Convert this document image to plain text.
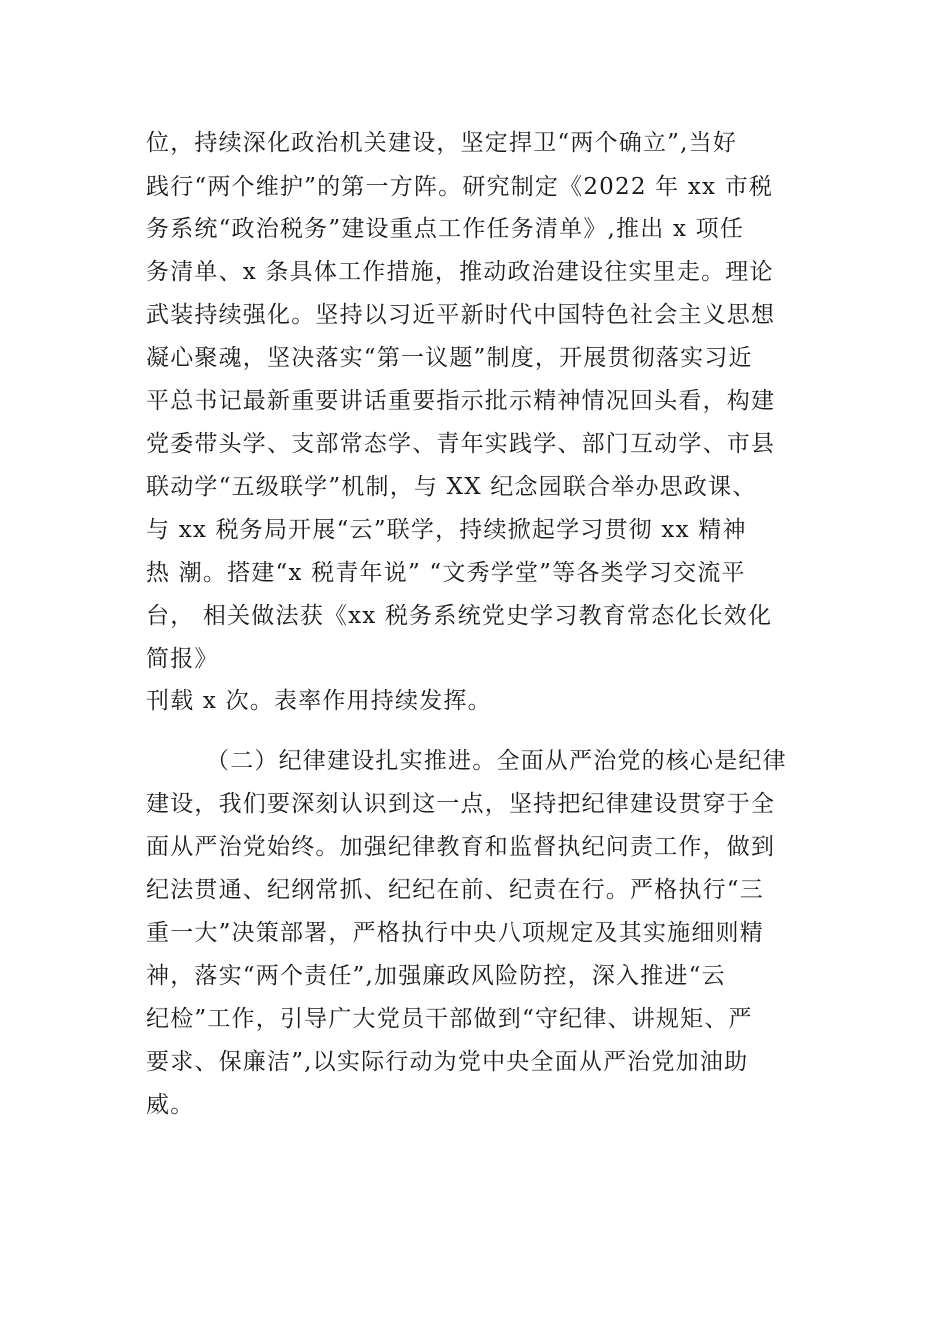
位，持续深化政治机关建设，坚定捍卫“两个确立”,当好
践行“两个维护”的第一方阵。研究制定《2022 年 xx 市税
务系统“政治税务”建设重点工作任务清单》,推出 x 项任
务清单、x 条具体工作措施，推动政治建设往实里走。理论
武装持续强化。坚持以习近平新时代中国特色社会主义思想
凝心聚魂，坚决落实“第一议题”制度，开展贯彻落实习近
平总书记最新重要讲话重要指示批示精神情况回头看，构建
党委带头学、支部常态学、青年实践学、部门互动学、市县
联动学“五级联学”机制，与 XX 纪念园联合举办思政课、
与 xx 税务局开展“云”联学，持续掀起学习贯彻 xx 精神
热 潮。搭建“x 税青年说” “文秀学堂”等各类学习交流平
台， 相关做法获《xx 税务系统党史学习教育常态化长效化
简报》
刊载 x 次。表率作用持续发挥。
（二）纪律建设扎实推进。全面从严治党的核心是纪律
建设，我们要深刻认识到这一点，坚持把纪律建设贯穿于全
面从严治党始终。加强纪律教育和监督执纪问责工作，做到
纪法贯通、纪纲常抓、纪纪在前、纪责在行。严格执行“三
重一大”决策部署，严格执行中央八项规定及其实施细则精
神，落实“两个责任”,加强廉政风险防控，深入推进“云
纪检”工作，引导广大党员干部做到“守纪律、讲规矩、严
要求、保廉洁”,以实际行动为党中央全面从严治党加油助
威。
